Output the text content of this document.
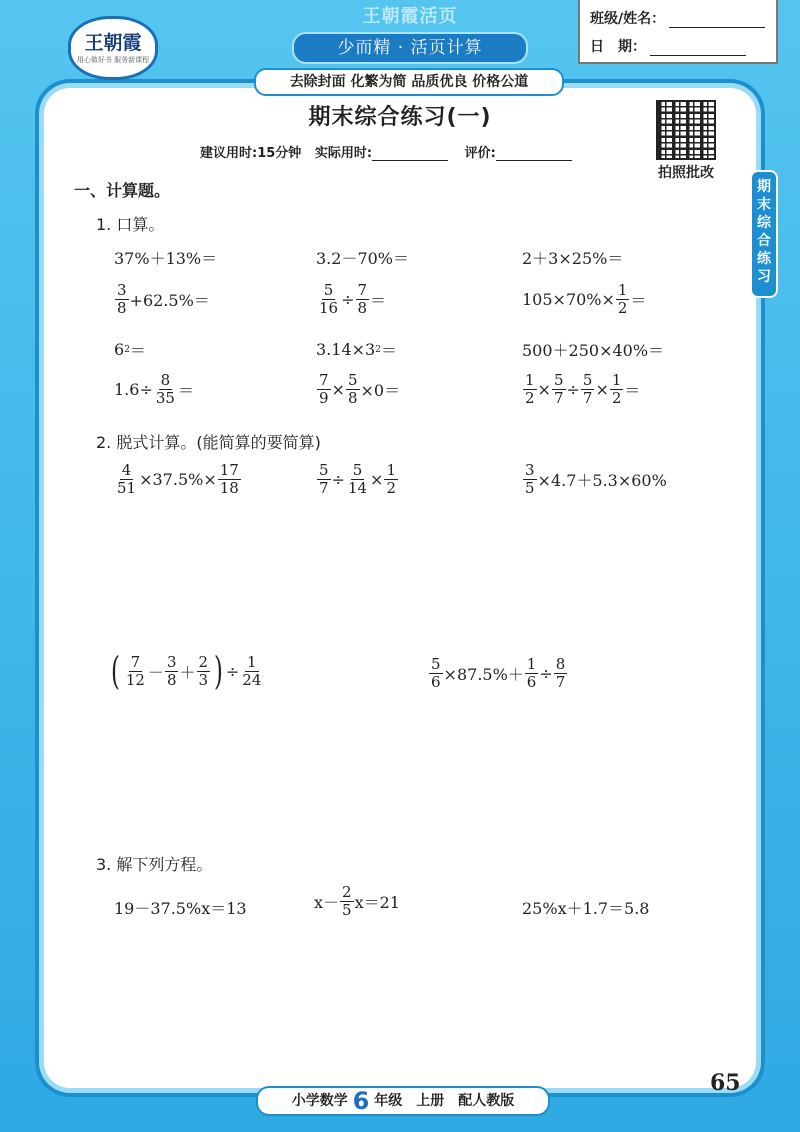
王朝霞
用心做好书 服务新课程
王朝霞活页
少而精 · 活页计算
去除封面 化繁为简 品质优良 价格公道
班级/姓名：
日　期：
拍照批改
期末综合练习
期末综合练习(一)
建议用时:15分钟 实际用时:	评价:
一、计算题。
1. 口算。
37%＋13%＝	3.2－70%＝	2＋3×25%＝
$\frac{3}{8} +62.5\%=$	$\frac{5}{16} \div \frac{7}{8}$ ＝	$105\times 70\%\times \frac{1}{2}$ ＝
6 2 ＝	3.14×3 2 ＝	500＋250×40%＝
$1.6\div \frac{8}{35}$ ＝	$\frac{7}{9} \times \frac{5}{8} \times 0=$	$\frac{1}{2} \times \frac{5}{7} \div \frac{5}{7} \times \frac{1}{2}$ ＝
2. 脱式计算。(能简算的要简算)
$\frac{4}{51} \times 37.5\%\times \frac{17}{18}$	$\frac{5}{7} \div \frac{5}{14} \times \frac{1}{2}$	$\frac{3}{5} \times 4.7+5.3\times 60\%$
( $\frac{7}{12} - \frac{3}{8} + \frac{2}{3}$ ) ÷ $\frac{1}{24}$	$\frac{5}{6} \times 87.5\%+ \frac{1}{6} \div \frac{8}{7}$
3. 解下列方程。
19－37.5%x＝13	$x- \frac{2}{5} x=21$	25%x＋1.7＝5.8
小学数学 6 年级　上册　配人教版
65
